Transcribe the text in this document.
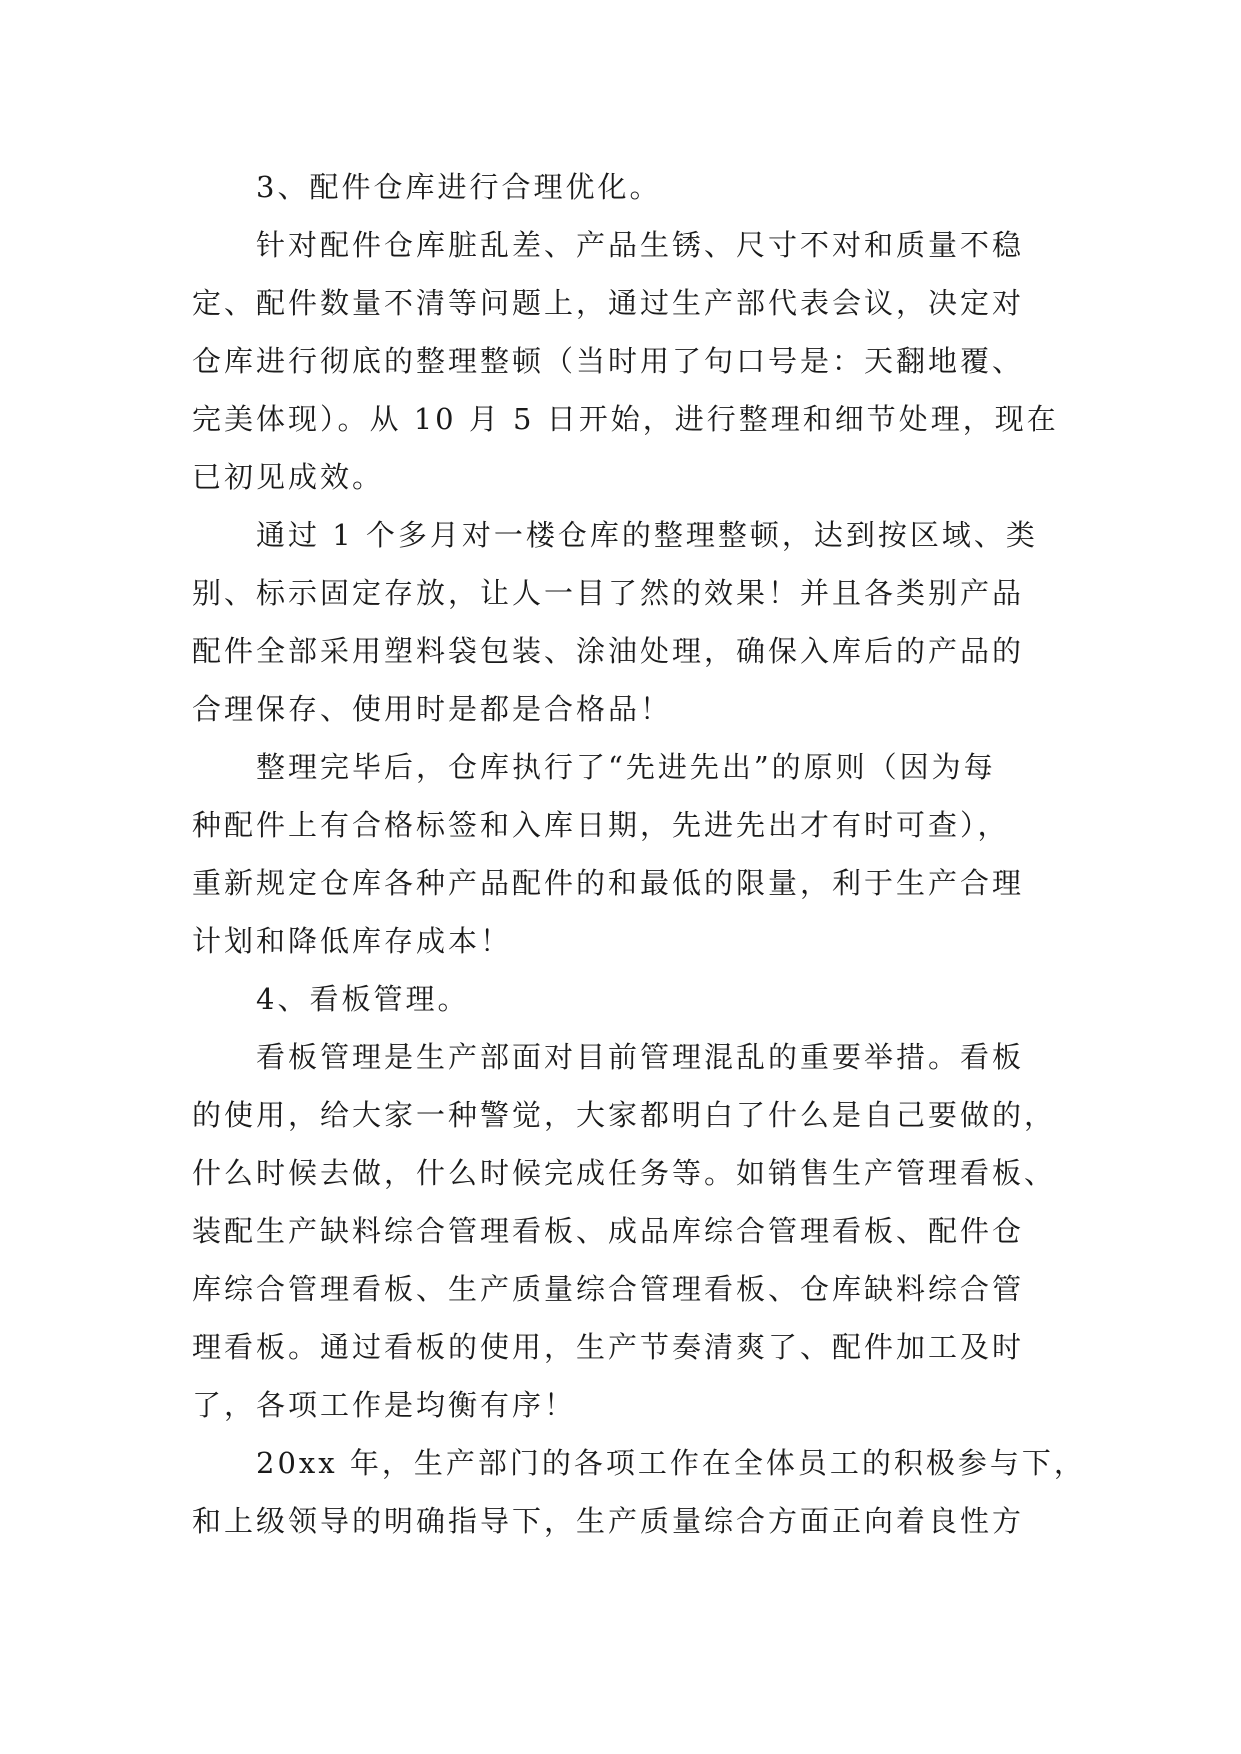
3、配件仓库进行合理优化。
针对配件仓库脏乱差、产品生锈、尺寸不对和质量不稳
定、配件数量不清等问题上，通过生产部代表会议，决定对
仓库进行彻底的整理整顿（当时用了句口号是：天翻地覆、
完美体现）。从 10 月 5 日开始，进行整理和细节处理，现在
已初见成效。
通过 1 个多月对一楼仓库的整理整顿，达到按区域、类
别、标示固定存放，让人一目了然的效果！并且各类别产品
配件全部采用塑料袋包装、涂油处理，确保入库后的产品的
合理保存、使用时是都是合格品！
整理完毕后，仓库执行了“先进先出”的原则（因为每
种配件上有合格标签和入库日期，先进先出才有时可查），
重新规定仓库各种产品配件的和最低的限量，利于生产合理
计划和降低库存成本！
4、看板管理。
看板管理是生产部面对目前管理混乱的重要举措。看板
的使用，给大家一种警觉，大家都明白了什么是自己要做的，
什么时候去做，什么时候完成任务等。如销售生产管理看板、
装配生产缺料综合管理看板、成品库综合管理看板、配件仓
库综合管理看板、生产质量综合管理看板、仓库缺料综合管
理看板。通过看板的使用，生产节奏清爽了、配件加工及时
了，各项工作是均衡有序！
20xx 年，生产部门的各项工作在全体员工的积极参与下，
和上级领导的明确指导下，生产质量综合方面正向着良性方
